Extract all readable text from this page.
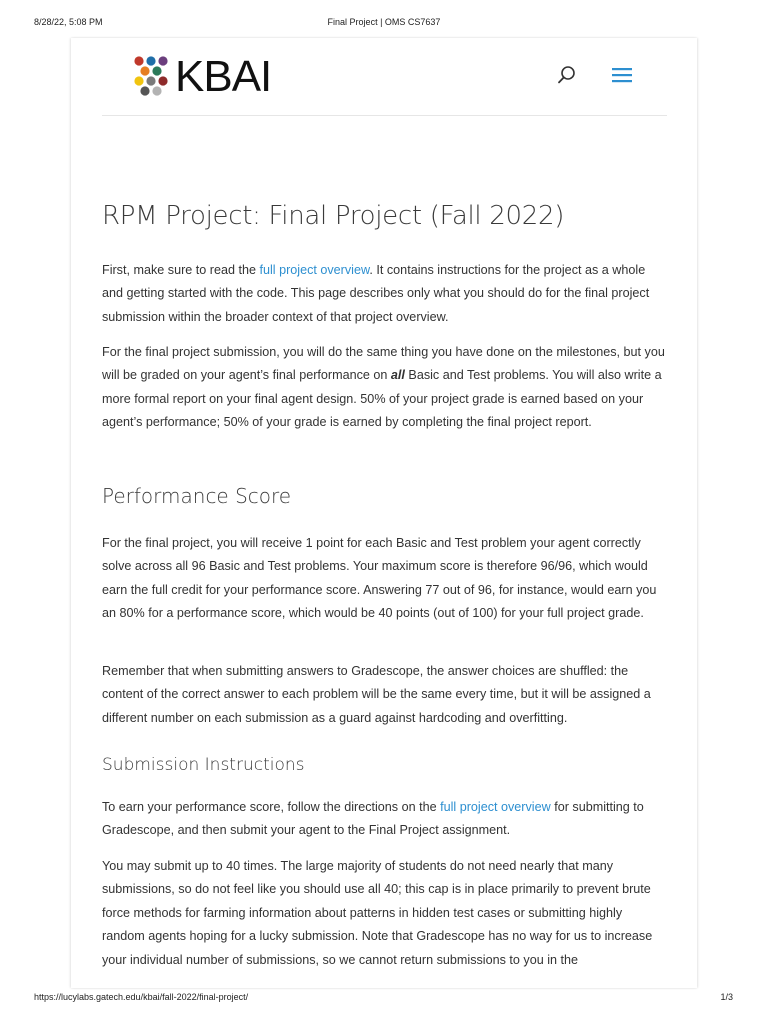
8/28/22, 5:08 PM	Final Project | OMS CS7637
KBAI
RPM Project: Final Project (Fall 2022)

First, make sure to read the full project overview. It contains instructions for the project as a whole and getting started with the code. This page describes only what you should do for the final project submission within the broader context of that project overview.

For the final project submission, you will do the same thing you have done on the milestones, but you will be graded on your agent’s final performance on all Basic and Test problems. You will also write a more formal report on your final agent design. 50% of your project grade is earned based on your agent’s performance; 50% of your grade is earned by completing the final project report.

Performance Score

For the final project, you will receive 1 point for each Basic and Test problem your agent correctly solve across all 96 Basic and Test problems. Your maximum score is therefore 96/96, which would earn the full credit for your performance score. Answering 77 out of 96, for instance, would earn you an 80% for a performance score, which would be 40 points (out of 100) for your full project grade.

Remember that when submitting answers to Gradescope, the answer choices are shuffled: the content of the correct answer to each problem will be the same every time, but it will be assigned a different number on each submission as a guard against hardcoding and overfitting.

Submission Instructions

To earn your performance score, follow the directions on the full project overview for submitting to Gradescope, and then submit your agent to the Final Project assignment.

You may submit up to 40 times. The large majority of students do not need nearly that many submissions, so do not feel like you should use all 40; this cap is in place primarily to prevent brute force methods for farming information about patterns in hidden test cases or submitting highly random agents hoping for a lucky submission. Note that Gradescope has no way for us to increase your individual number of submissions, so we cannot return submissions to you in the

https://lucylabs.gatech.edu/kbai/fall-2022/final-project/	1/3
